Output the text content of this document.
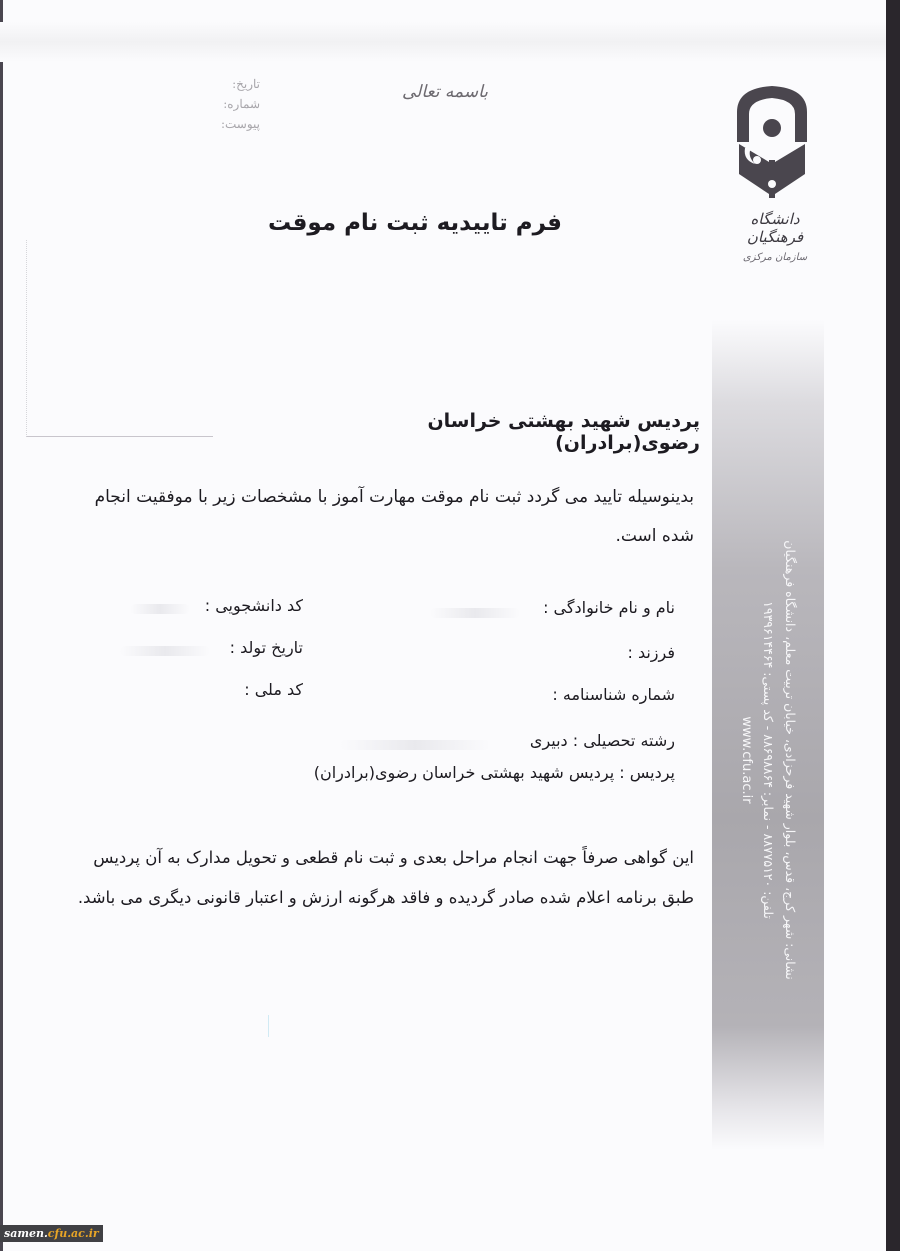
تاریخ:
شماره:
پیوست:
باسمه تعالی
دانشگاه فرهنگیان
سازمان مرکزی
فرم تاییدیه ثبت نام موقت
پردیس شهید بهشتی خراسان رضوی(برادران)
بدینوسیله تایید می گردد ثبت نام موقت مهارت آموز با مشخصات زیر با موفقیت انجام شده است.
نام و نام خانوادگی :
فرزند :
شماره شناسنامه :
رشته تحصیلی : دبیری
پردیس : پردیس شهید بهشتی خراسان رضوی(برادران)
کد دانشجویی :
تاریخ تولد :
کد ملی :
این گواهی صرفاً جهت انجام مراحل بعدی و ثبت نام قطعی و تحویل مدارک به آن پردیس طبق برنامه اعلام شده صادر گردیده و فاقد هرگونه ارزش و اعتبار قانونی دیگری می باشد.	نشانی: شهر کرج، قدس، بلوار شهید فرحزادی، خیابان تربیت معلم، دانشگاه فرهنگیان
تلفن: ۸۸۷۷۵۱۲۰ - نمابر: ۸۸۶۹۸۸۶۴ - کد پستی: ۱۹۳۹۶۱۴۴۶۴
www.cfu.ac.ir
samen. cfu.ac.ir
